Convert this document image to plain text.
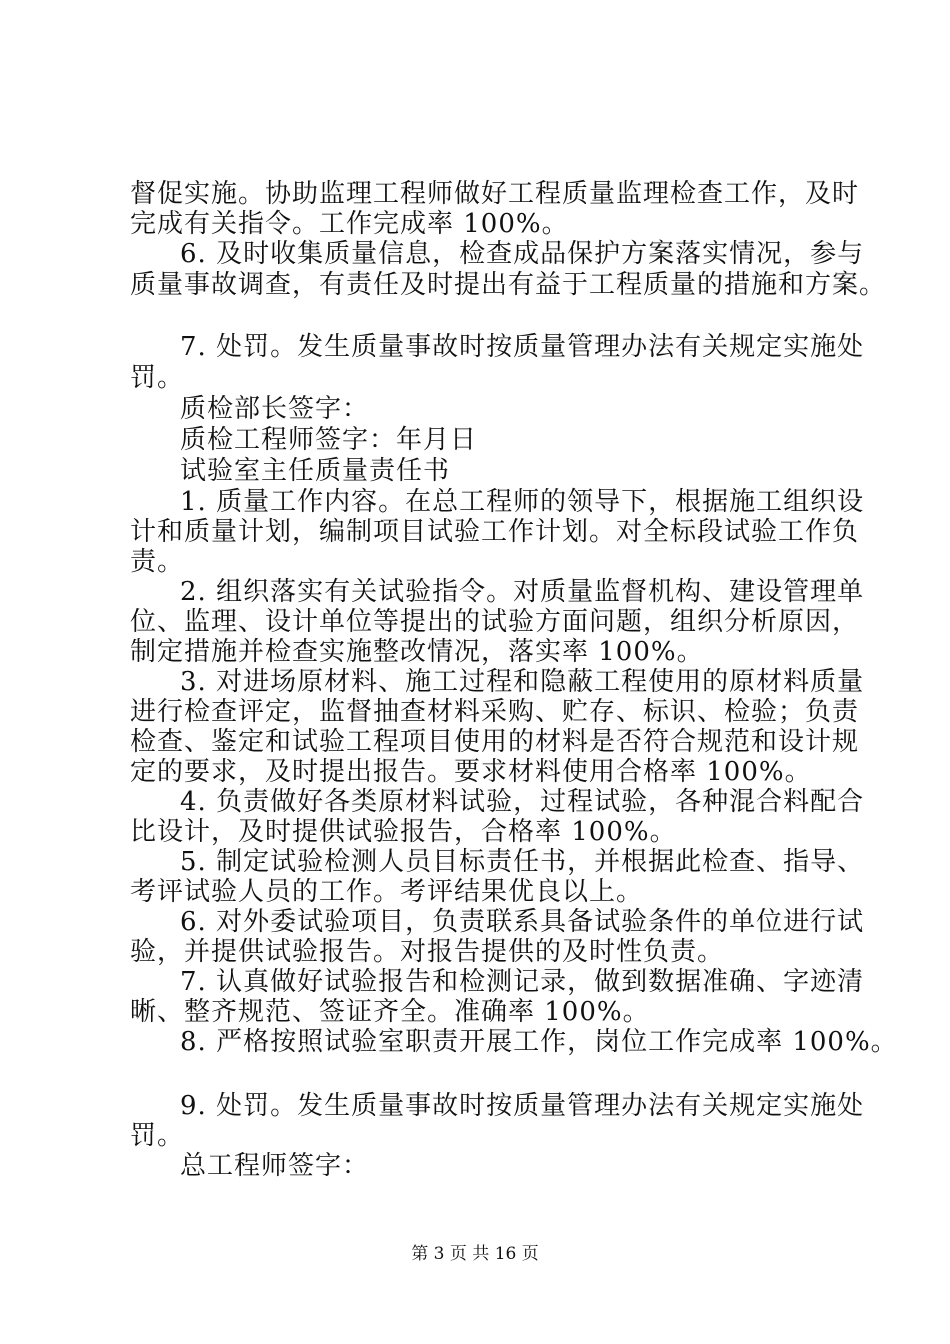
督促实施。协助监理工程师做好工程质量监理检查工作，及时
完成有关指令。工作完成率 100%。
6. 及时收集质量信息，检查成品保护方案落实情况，参与
质量事故调查，有责任及时提出有益于工程质量的措施和方案。
7. 处罚。发生质量事故时按质量管理办法有关规定实施处
罚。
质检部长签字：
质检工程师签字：年月日
试验室主任质量责任书
1. 质量工作内容。在总工程师的领导下，根据施工组织设
计和质量计划，编制项目试验工作计划。对全标段试验工作负
责。
2. 组织落实有关试验指令。对质量监督机构、建设管理单
位、监理、设计单位等提出的试验方面问题，组织分析原因，
制定措施并检查实施整改情况，落实率 100%。
3. 对进场原材料、施工过程和隐蔽工程使用的原材料质量
进行检查评定，监督抽查材料采购、贮存、标识、检验；负责
检查、鉴定和试验工程项目使用的材料是否符合规范和设计规
定的要求，及时提出报告。要求材料使用合格率 100%。
4. 负责做好各类原材料试验，过程试验，各种混合料配合
比设计，及时提供试验报告，合格率 100%。
5. 制定试验检测人员目标责任书，并根据此检查、指导、
考评试验人员的工作。考评结果优良以上。
6. 对外委试验项目，负责联系具备试验条件的单位进行试
验，并提供试验报告。对报告提供的及时性负责。
7. 认真做好试验报告和检测记录，做到数据准确、字迹清
晰、整齐规范、签证齐全。准确率 100%。
8. 严格按照试验室职责开展工作，岗位工作完成率 100%。
9. 处罚。发生质量事故时按质量管理办法有关规定实施处
罚。
总工程师签字：
第 3 页 共 16 页
